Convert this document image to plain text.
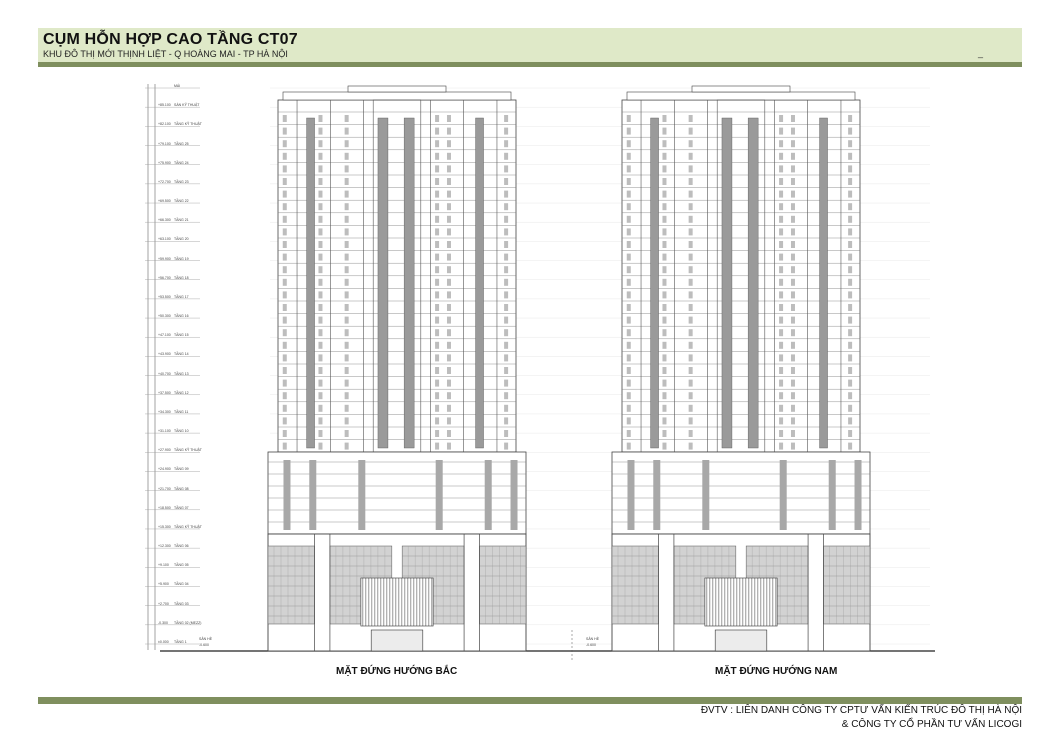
CỤM HỖN HỢP CAO TẦNG CT07
KHU ĐÔ THỊ MỚI THỊNH LIỆT - Q HOÀNG MAI - TP HÀ NỘI	_
MÁI
+85.100 SÀN KỸ THUẬT
+82.100 TẦNG KỸ THUẬT
+79.100 TẦNG 25
+75.900 TẦNG 24
+72.700 TẦNG 23
+69.500 TẦNG 22
+66.300 TẦNG 21
+63.100 TẦNG 20
+59.900 TẦNG 19
+56.700 TẦNG 18
+53.500 TẦNG 17
+50.300 TẦNG 16
+47.100 TẦNG 15
+43.900 TẦNG 14
+40.700 TẦNG 13
+37.500 TẦNG 12
+34.300 TẦNG 11
+31.100 TẦNG 10
+27.900 TẦNG KỸ THUẬT
+24.900 TẦNG 09
+21.700 TẦNG 08
+18.500 TẦNG 07
+15.300 TẦNG KỸ THUẬT
+12.300 TẦNG 06
+9.100 TẦNG 05
+5.900 TẦNG 04
+2.700 TẦNG 03
-0.300 TẦNG 02 (MEZZ)
±0.000 TẦNG 1
SÂN HÈ
-0.600
SÂN HÈ
-0.600
MẶT ĐỨNG HƯỚNG BẮC	MẶT ĐỨNG HƯỚNG NAM
ĐVTV : LIÊN DANH CÔNG TY CPTƯ VẤN KIẾN TRÚC ĐÔ THỊ HÀ NỘI
& CÔNG TY CỔ PHẦN TƯ VẤN LICOGI
